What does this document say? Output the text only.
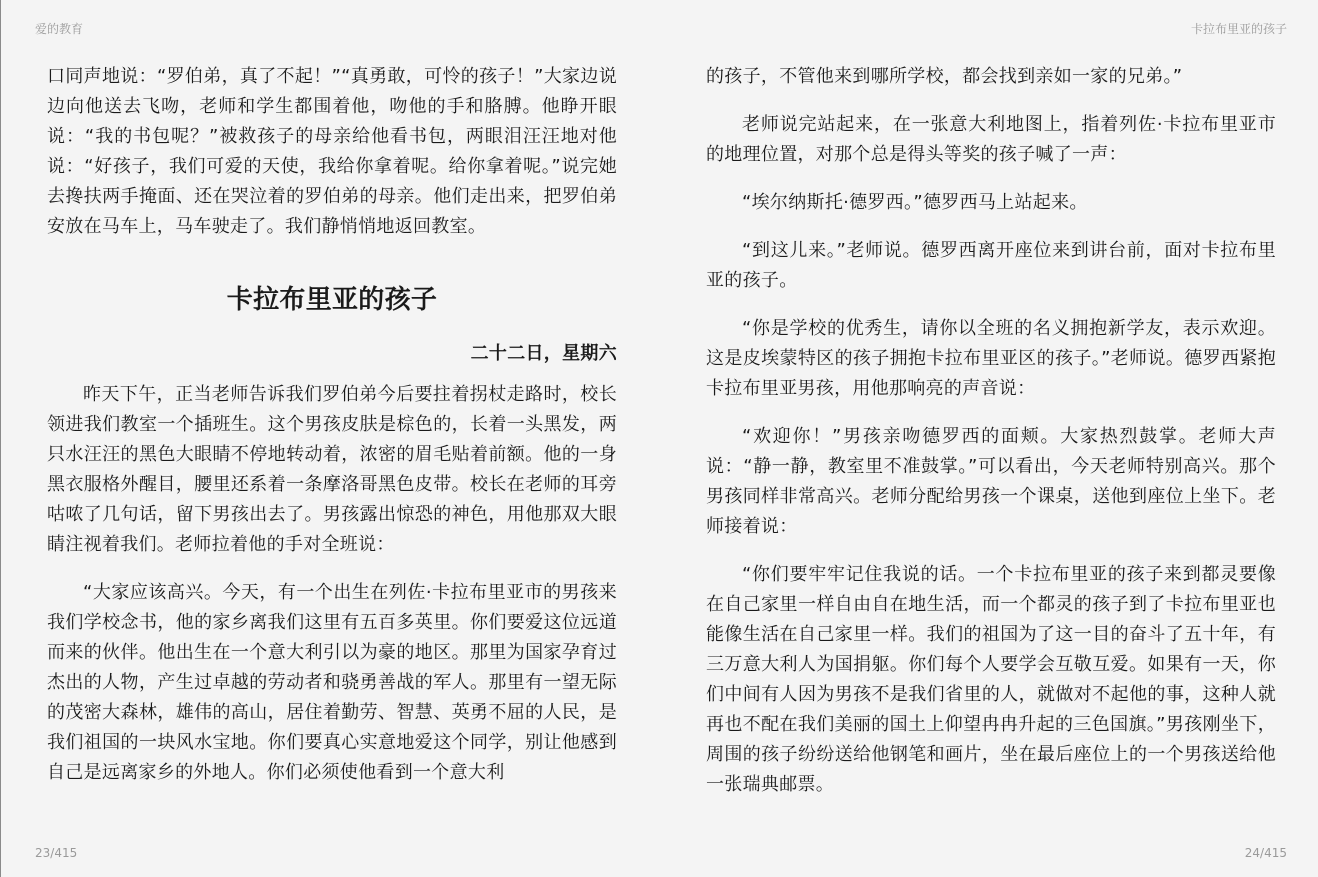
爱的教育

口同声地说：“罗伯弟，真了不起！”“真勇敢，可怜的孩子！”大家边说边向他送去飞吻，老师和学生都围着他，吻他的手和胳膊。他睁开眼说：“我的书包呢？”被救孩子的母亲给他看书包，两眼泪汪汪地对他说：“好孩子，我们可爱的天使，我给你拿着呢。给你拿着呢。”说完她去搀扶两手掩面、还在哭泣着的罗伯弟的母亲。他们走出来，把罗伯弟安放在马车上，马车驶走了。我们静悄悄地返回教室。

卡拉布里亚的孩子
二十二日，星期六

昨天下午，正当老师告诉我们罗伯弟今后要拄着拐杖走路时，校长领进我们教室一个插班生。这个男孩皮肤是棕色的，长着一头黑发，两只水汪汪的黑色大眼睛不停地转动着，浓密的眉毛贴着前额。他的一身黑衣服格外醒目，腰里还系着一条摩洛哥黑色皮带。校长在老师的耳旁咕哝了几句话，留下男孩出去了。男孩露出惊恐的神色，用他那双大眼睛注视着我们。老师拉着他的手对全班说：

“大家应该高兴。今天，有一个出生在列佐·卡拉布里亚市的男孩来我们学校念书，他的家乡离我们这里有五百多英里。你们要爱这位远道而来的伙伴。他出生在一个意大利引以为豪的地区。那里为国家孕育过杰出的人物，产生过卓越的劳动者和骁勇善战的军人。那里有一望无际的茂密大森林，雄伟的高山，居住着勤劳、智慧、英勇不屈的人民，是我们祖国的一块风水宝地。你们要真心实意地爱这个同学，别让他感到自己是远离家乡的外地人。你们必须使他看到一个意大利

23/415
卡拉布里亚的孩子

的孩子，不管他来到哪所学校，都会找到亲如一家的兄弟。”

老师说完站起来，在一张意大利地图上，指着列佐·卡拉布里亚市的地理位置，对那个总是得头等奖的孩子喊了一声：

“埃尔纳斯托·德罗西。”德罗西马上站起来。

“到这儿来。”老师说。德罗西离开座位来到讲台前，面对卡拉布里亚的孩子。

“你是学校的优秀生，请你以全班的名义拥抱新学友，表示欢迎。这是皮埃蒙特区的孩子拥抱卡拉布里亚区的孩子。”老师说。德罗西紧抱卡拉布里亚男孩，用他那响亮的声音说：

“欢迎你！”男孩亲吻德罗西的面颊。大家热烈鼓掌。老师大声说：“静一静，教室里不准鼓掌。”可以看出，今天老师特别高兴。那个男孩同样非常高兴。老师分配给男孩一个课桌，送他到座位上坐下。老师接着说：

“你们要牢牢记住我说的话。一个卡拉布里亚的孩子来到都灵要像在自己家里一样自由自在地生活，而一个都灵的孩子到了卡拉布里亚也能像生活在自己家里一样。我们的祖国为了这一目的奋斗了五十年，有三万意大利人为国捐躯。你们每个人要学会互敬互爱。如果有一天，你们中间有人因为男孩不是我们省里的人，就做对不起他的事，这种人就再也不配在我们美丽的国土上仰望冉冉升起的三色国旗。”男孩刚坐下，周围的孩子纷纷送给他钢笔和画片，坐在最后座位上的一个男孩送给他一张瑞典邮票。

24/415
